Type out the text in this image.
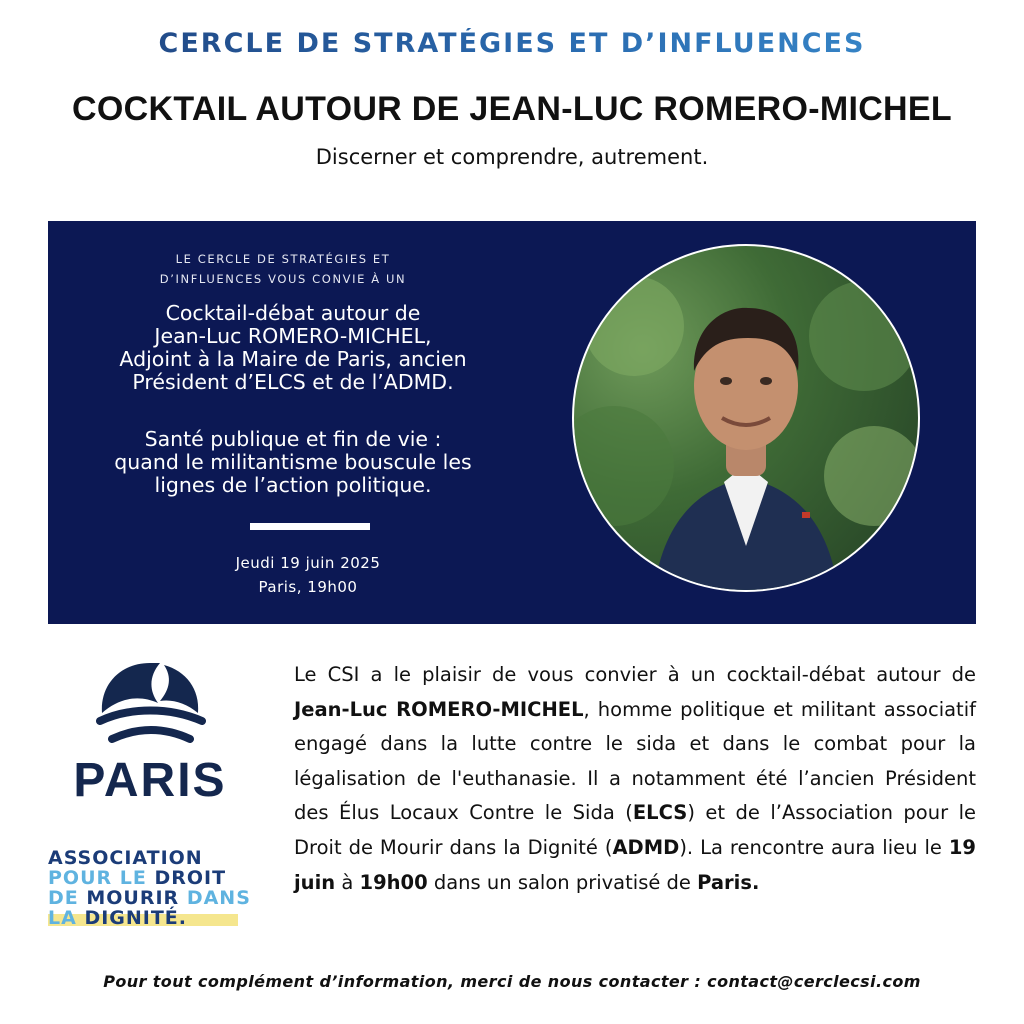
CERCLE DE STRATÉGIES ET D’INFLUENCES
COCKTAIL AUTOUR DE JEAN-LUC ROMERO-MICHEL
Discerner et comprendre, autrement.
LE CERCLE DE STRATÉGIES ET
D’INFLUENCES VOUS CONVIE À UN
Cocktail-débat autour de
Jean-Luc ROMERO-MICHEL,
Adjoint à la Maire de Paris, ancien
Président d’ELCS et de l’ADMD.
Santé publique et fin de vie :
quand le militantisme bouscule les
lignes de l’action politique.
Jeudi 19 juin 2025
Paris, 19h00
PARIS
ASSOCIATION
POUR LE DROIT
DE MOURIR DANS
LA DIGNITÉ.
Le CSI a le plaisir de vous convier à un cocktail-débat autour de Jean-Luc ROMERO-MICHEL, homme politique et militant associatif engagé dans la lutte contre le sida et dans le combat pour la légalisation de l'euthanasie. Il a notamment été l’ancien Président des Élus Locaux Contre le Sida (ELCS) et de l’Association pour le Droit de Mourir dans la Dignité (ADMD). La rencontre aura lieu le 19 juin à 19h00 dans un salon privatisé de Paris.
Pour tout complément d’information, merci de nous contacter : contact@cerclecsi.com
